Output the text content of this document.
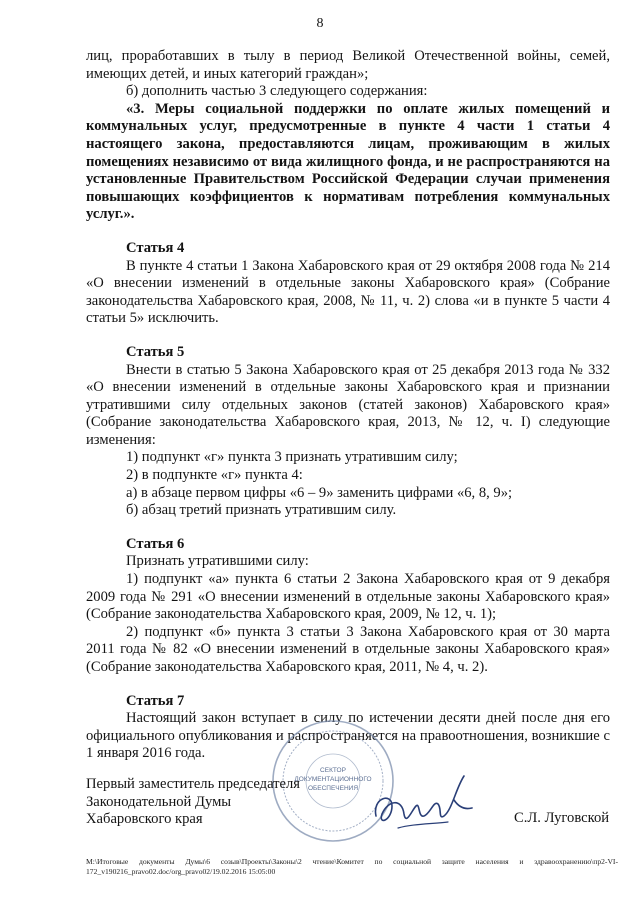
8

лиц, проработавших в тылу в период Великой Отечественной войны, семей, имеющих детей, и иных категорий граждан»;

б) дополнить частью 3 следующего содержания:

«3. Меры социальной поддержки по оплате жилых помещений и коммунальных услуг, предусмотренные в пункте 4 части 1 статьи 4 настоящего закона, предоставляются лицам, проживающим в жилых помещениях независимо от вида жилищного фонда, и не распространяются на установленные Правительством Российской Федерации случаи применения повышающих коэффициентов к нормативам потребления коммунальных услуг.».

Статья 4

В пункте 4 статьи 1 Закона Хабаровского края от 29 октября 2008 года № 214 «О внесении изменений в отдельные законы Хабаровского края» (Собрание законодательства Хабаровского края, 2008, № 11, ч. 2) слова «и в пункте 5 части 4 статьи 5» исключить.

Статья 5

Внести в статью 5 Закона Хабаровского края от 25 декабря 2013 года № 332 «О внесении изменений в отдельные законы Хабаровского края и признании утратившими силу отдельных законов (статей законов) Хабаровского края» (Собрание законодательства Хабаровского края, 2013, № 12, ч. I) следующие изменения:

1) подпункт «г» пункта 3 признать утратившим силу;

2) в подпункте «г» пункта 4:

а) в абзаце первом цифры «6 – 9» заменить цифрами «6, 8, 9»;

б) абзац третий признать утратившим силу.

Статья 6

Признать утратившими силу:

1) подпункт «а» пункта 6 статьи 2 Закона Хабаровского края от 9 декабря 2009 года № 291 «О внесении изменений в отдельные законы Хабаровского края» (Собрание законодательства Хабаровского края, 2009, № 12, ч. 1);

2) подпункт «б» пункта 3 статьи 3 Закона Хабаровского края от 30 марта 2011 года № 82 «О внесении изменений в отдельные законы Хабаровского края» (Собрание законодательства Хабаровского края, 2011, № 4, ч. 2).

Статья 7

Настоящий закон вступает в силу по истечении десяти дней после дня его официального опубликования и распространяется на правоотношения, возникшие с 1 января 2016 года.

СЕКТОР
ДОКУМЕНТАЦИОННОГО
ОБЕСПЕЧЕНИЯ
Первый заместитель председателя
Законодательной Думы
Хабаровского края	С.Л. Луговской
M:\Итоговые документы Думы\6 созыв\Проекты\Законы\2 чтение\Комитет по социальной защите населения и здравоохранению\пр2-VI-172_v190216_pravo02.doc/org_pravo02/19.02.2016 15:05:00
